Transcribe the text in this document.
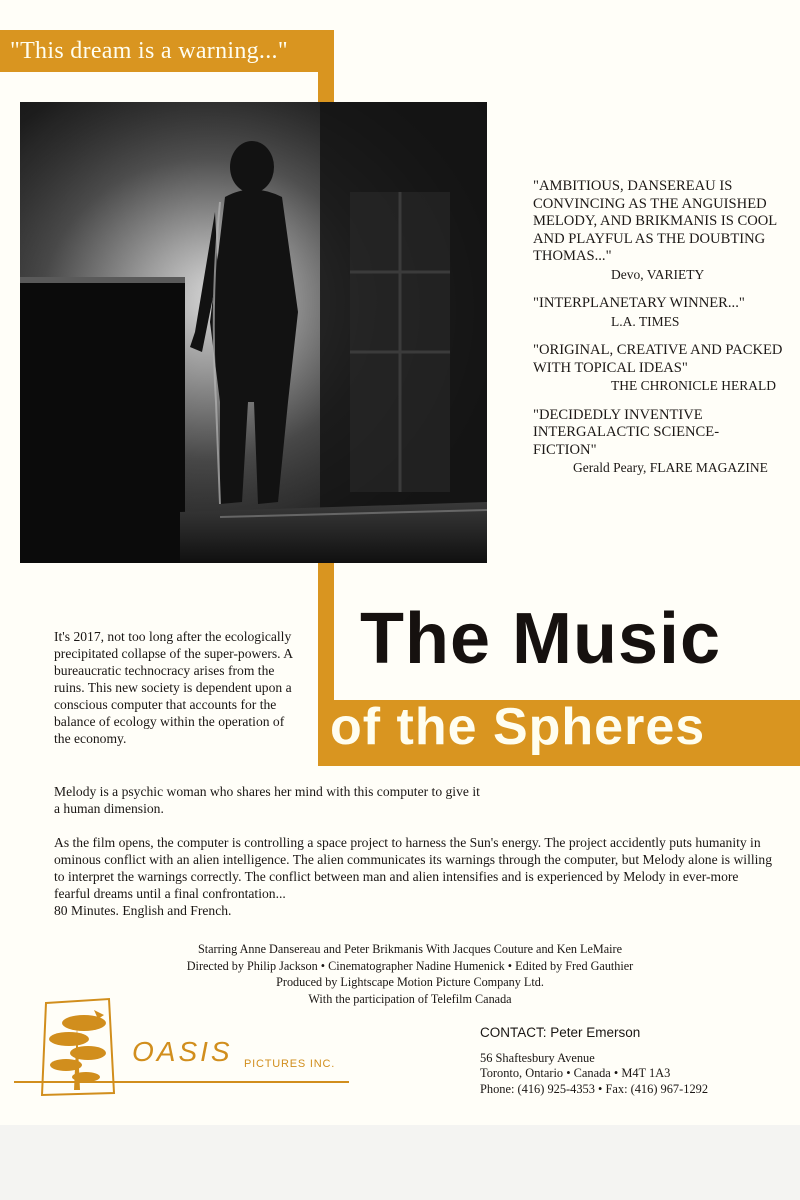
"This dream is a warning..."
"AMBITIOUS, DANSEREAU IS CONVINCING AS THE ANGUISHED MELODY, AND BRIKMANIS IS COOL AND PLAYFUL AS THE DOUBTING THOMAS..."
Devo, VARIETY
"INTERPLANETARY WINNER..."
L.A. TIMES
"ORIGINAL, CREATIVE AND PACKED WITH TOPICAL IDEAS"
THE CHRONICLE HERALD
"DECIDEDLY INVENTIVE INTERGALACTIC SCIENCE-FICTION"
Gerald Peary, FLARE MAGAZINE
The Music
of the Spheres

It's 2017, not too long after the ecologically precipitated collapse of the super-powers. A bureaucratic technocracy arises from the ruins. This new society is dependent upon a conscious computer that accounts for the balance of ecology within the operation of the economy.

Melody is a psychic woman who shares her mind with this computer to give it a human dimension.

As the film opens, the computer is controlling a space project to harness the Sun's energy. The project accidently puts humanity in ominous conflict with an alien intelligence. The alien communicates its warnings through the computer, but Melody alone is willing to interpret the warnings correctly. The conflict between man and alien intensifies and is experienced by Melody in ever-more fearful dreams until a final confrontation...
80 Minutes. English and French.
Starring Anne Dansereau and Peter Brikmanis With Jacques Couture and Ken LeMaire
Directed by Philip Jackson • Cinematographer Nadine Humenick • Edited by Fred Gauthier
Produced by Lightscape Motion Picture Company Ltd.
With the participation of Telefilm Canada
OASIS PICTURES INC.
CONTACT: Peter Emerson
56 Shaftesbury Avenue
Toronto, Ontario • Canada • M4T 1A3
Phone: (416) 925-4353 • Fax: (416) 967-1292
